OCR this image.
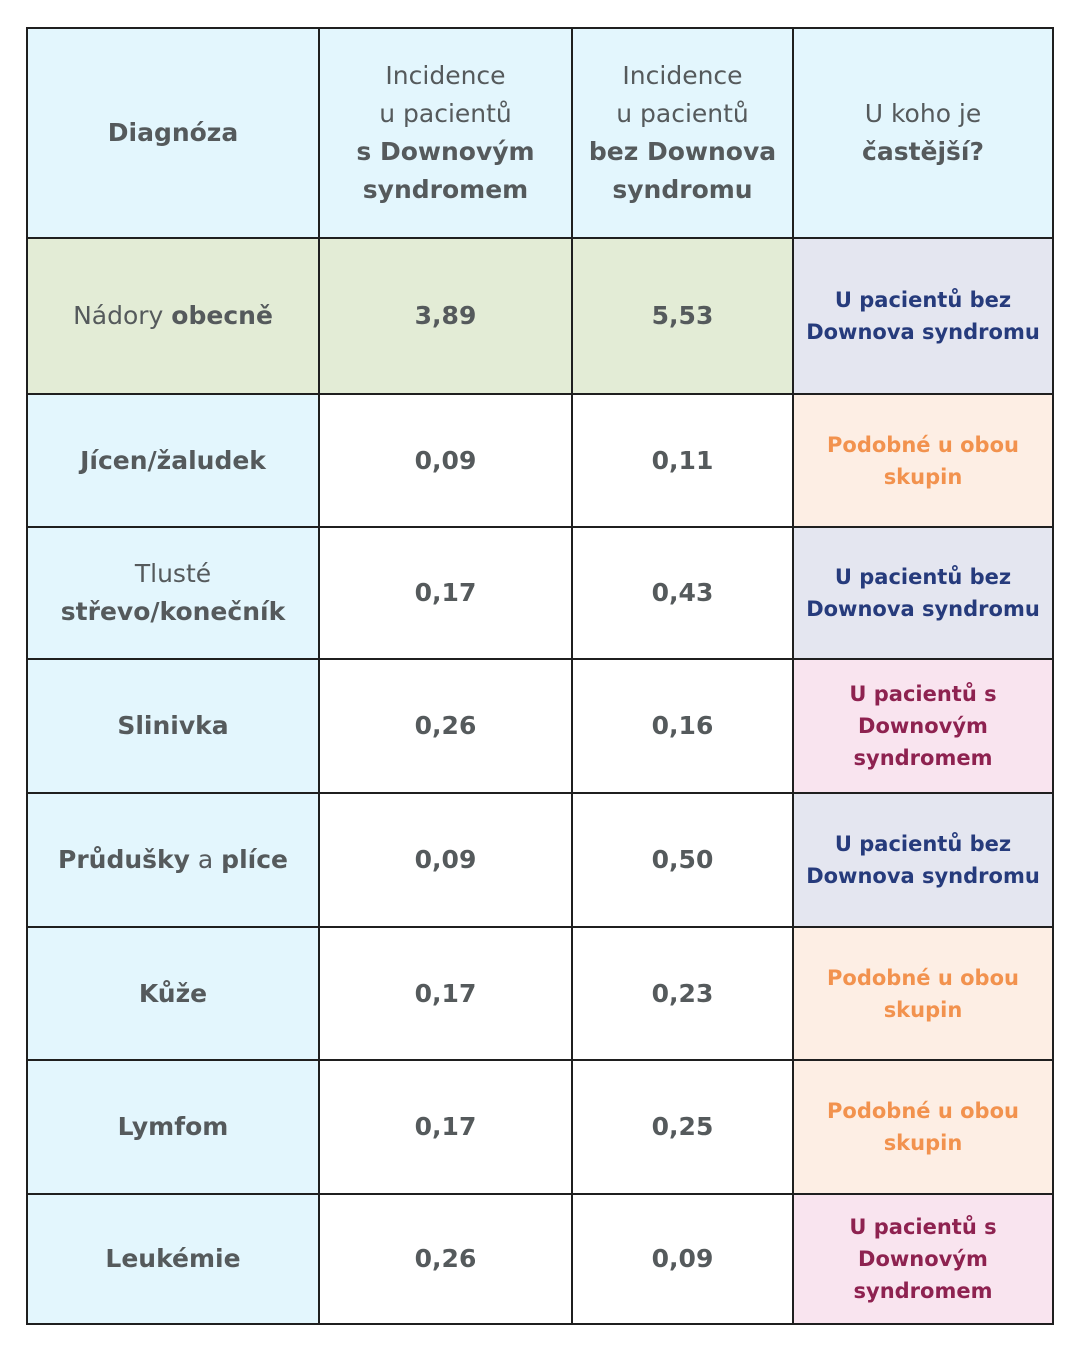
Diagnóza	Incidence
u pacientů
s Downovým
syndromem	Incidence
u pacientů
bez Downova
syndromu	U koho je
častější?

Nádory obecně	3,89	5,53	U pacientů bez
Downova syndromu

Jícen/žaludek	0,09	0,11	Podobné u obou
skupin

Tlusté
střevo/konečník	0,17	0,43	U pacientů bez
Downova syndromu

Slinivka	0,26	0,16	U pacientů s
Downovým
syndromem

Průdušky a plíce	0,09	0,50	U pacientů bez
Downova syndromu

Kůže	0,17	0,23	Podobné u obou
skupin

Lymfom	0,17	0,25	Podobné u obou
skupin

Leukémie	0,26	0,09	U pacientů s
Downovým
syndromem
